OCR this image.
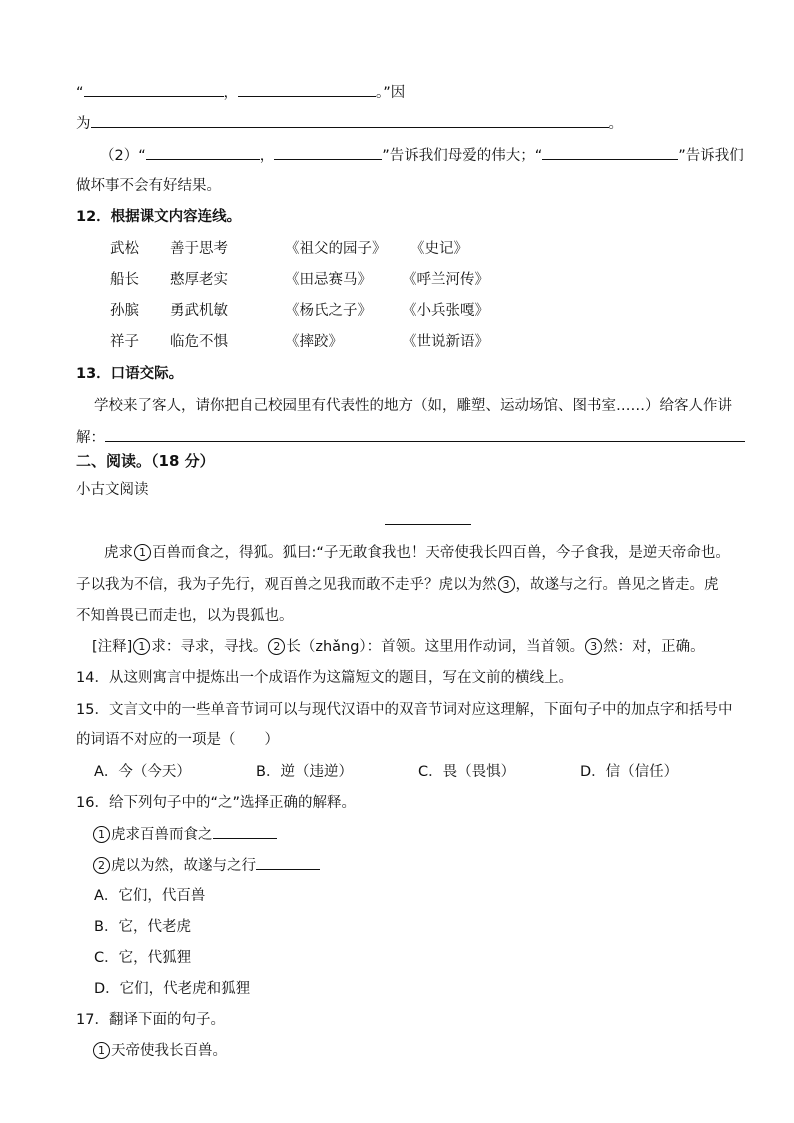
“	，	。”因
为	。
（2）“	，	”告诉我们母爱的伟大；“	”告诉我们
做坏事不会有好结果。
12．根据课文内容连线。
武松 善于思考	《祖父的园子》 《史记》
船长 憨厚老实	《田忌赛马》 《呼兰河传》
孙膑 勇武机敏	《杨氏之子》 《小兵张嘎》
祥子 临危不惧	《摔跤》	《世说新语》
13．口语交际。
学校来了客人，请你把自己校园里有代表性的地方（如，雕塑、运动场馆、图书室……）给客人作讲
解：
二、阅读。（18 分）
小古文阅读
虎求 1 百兽而食之，得狐。狐曰:“子无敢食我也！天帝使我长四百兽，今子食我，是逆天帝命也。
子以我为不信，我为子先行，观百兽之见我而敢不走乎？虎以为然 3 ，故遂与之行。兽见之皆走。虎
不知兽畏已而走也，以为畏狐也。
[注释] 1 求：寻求，寻找。 2 长（zhǎng）：首领。这里用作动词，当首领。 3 然：对，正确。
14．从这则寓言中提炼出一个成语作为这篇短文的题目，写在文前的横线上。
15．文言文中的一些单音节词可以与现代汉语中的双音节词对应这理解，下面句子中的加点字和括号中
的词语不对应的一项是（　　）
A．今（今天）	B．逆（违逆）	C．畏（畏惧）	D．信（信任）
16．给下列句子中的“之”选择正确的解释。
1 虎求百兽而食之
2 虎以为然，故遂与之行
A．它们，代百兽
B．它，代老虎
C．它，代狐狸
D．它们，代老虎和狐狸
17．翻译下面的句子。
1 天帝使我长百兽。
